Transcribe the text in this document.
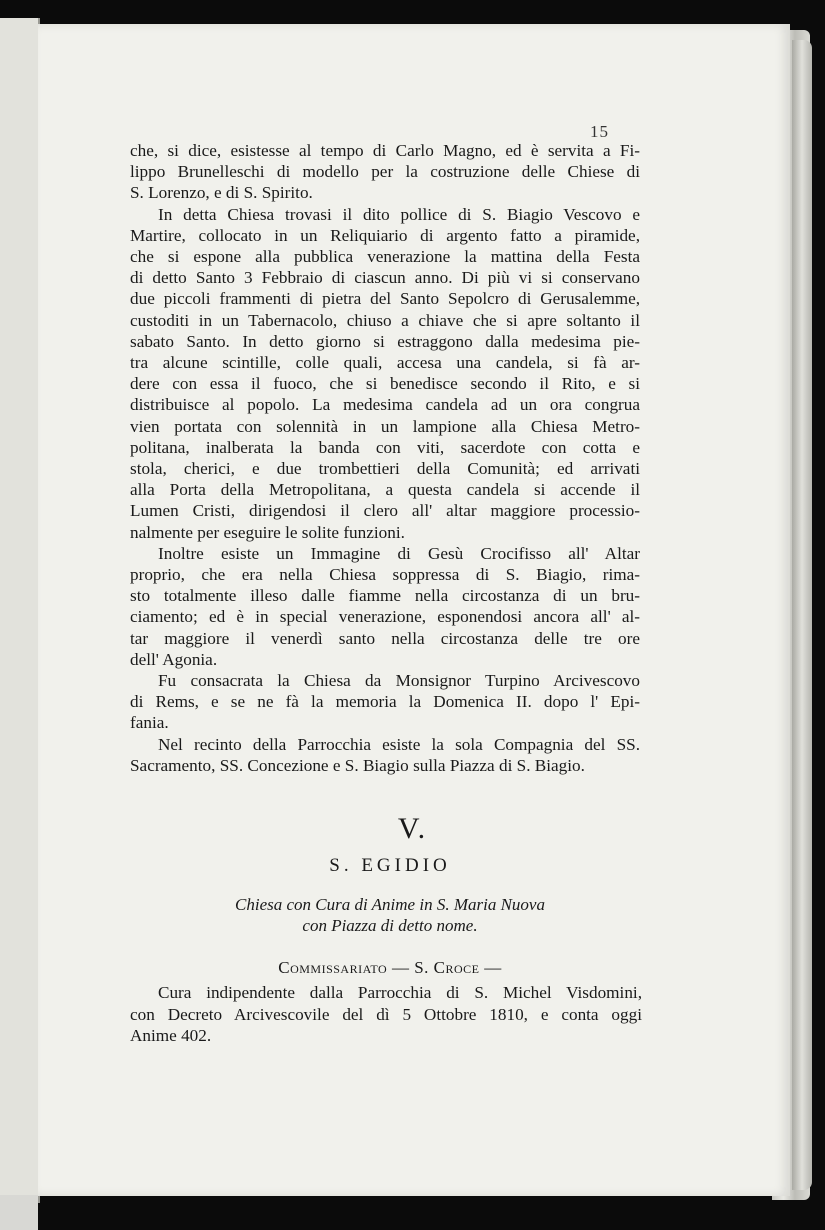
15
che, si dice, esistesse al tempo di Carlo Magno, ed è servita a Fi-
lippo Brunelleschi di modello per la costruzione delle Chiese di
S. Lorenzo, e di S. Spirito.
In detta Chiesa trovasi il dito pollice di S. Biagio Vescovo e
Martire, collocato in un Reliquiario di argento fatto a piramide,
che si espone alla pubblica venerazione la mattina della Festa
di detto Santo 3 Febbraio di ciascun anno. Di più vi si conservano
due piccoli frammenti di pietra del Santo Sepolcro di Gerusalemme,
custoditi in un Tabernacolo, chiuso a chiave che si apre soltanto il
sabato Santo. In detto giorno si estraggono dalla medesima pie-
tra alcune scintille, colle quali, accesa una candela, si fà ar-
dere con essa il fuoco, che si benedisce secondo il Rito, e si
distribuisce al popolo. La medesima candela ad un ora congrua
vien portata con solennità in un lampione alla Chiesa Metro-
politana, inalberata la banda con viti, sacerdote con cotta e
stola, cherici, e due trombettieri della Comunità; ed arrivati
alla Porta della Metropolitana, a questa candela si accende il
Lumen Cristi, dirigendosi il clero all' altar maggiore processio-
nalmente per eseguire le solite funzioni.
Inoltre esiste un Immagine di Gesù Crocifisso all' Altar
proprio, che era nella Chiesa soppressa di S. Biagio, rima-
sto totalmente illeso dalle fiamme nella circostanza di un bru-
ciamento; ed è in special venerazione, esponendosi ancora all' al-
tar maggiore il venerdì santo nella circostanza delle tre ore
dell' Agonia.
Fu consacrata la Chiesa da Monsignor Turpino Arcivescovo
di Rems, e se ne fà la memoria la Domenica II. dopo l' Epi-
fania.
Nel recinto della Parrocchia esiste la sola Compagnia del SS.
Sacramento, SS. Concezione e S. Biagio sulla Piazza di S. Biagio.
V.
S. EGIDIO
Chiesa con Cura di Anime in S. Maria Nuova
con Piazza di detto nome.
Commissariato — S. Croce —
Cura indipendente dalla Parrocchia di S. Michel Visdomini,
con Decreto Arcivescovile del dì 5 Ottobre 1810, e conta oggi
Anime 402.
